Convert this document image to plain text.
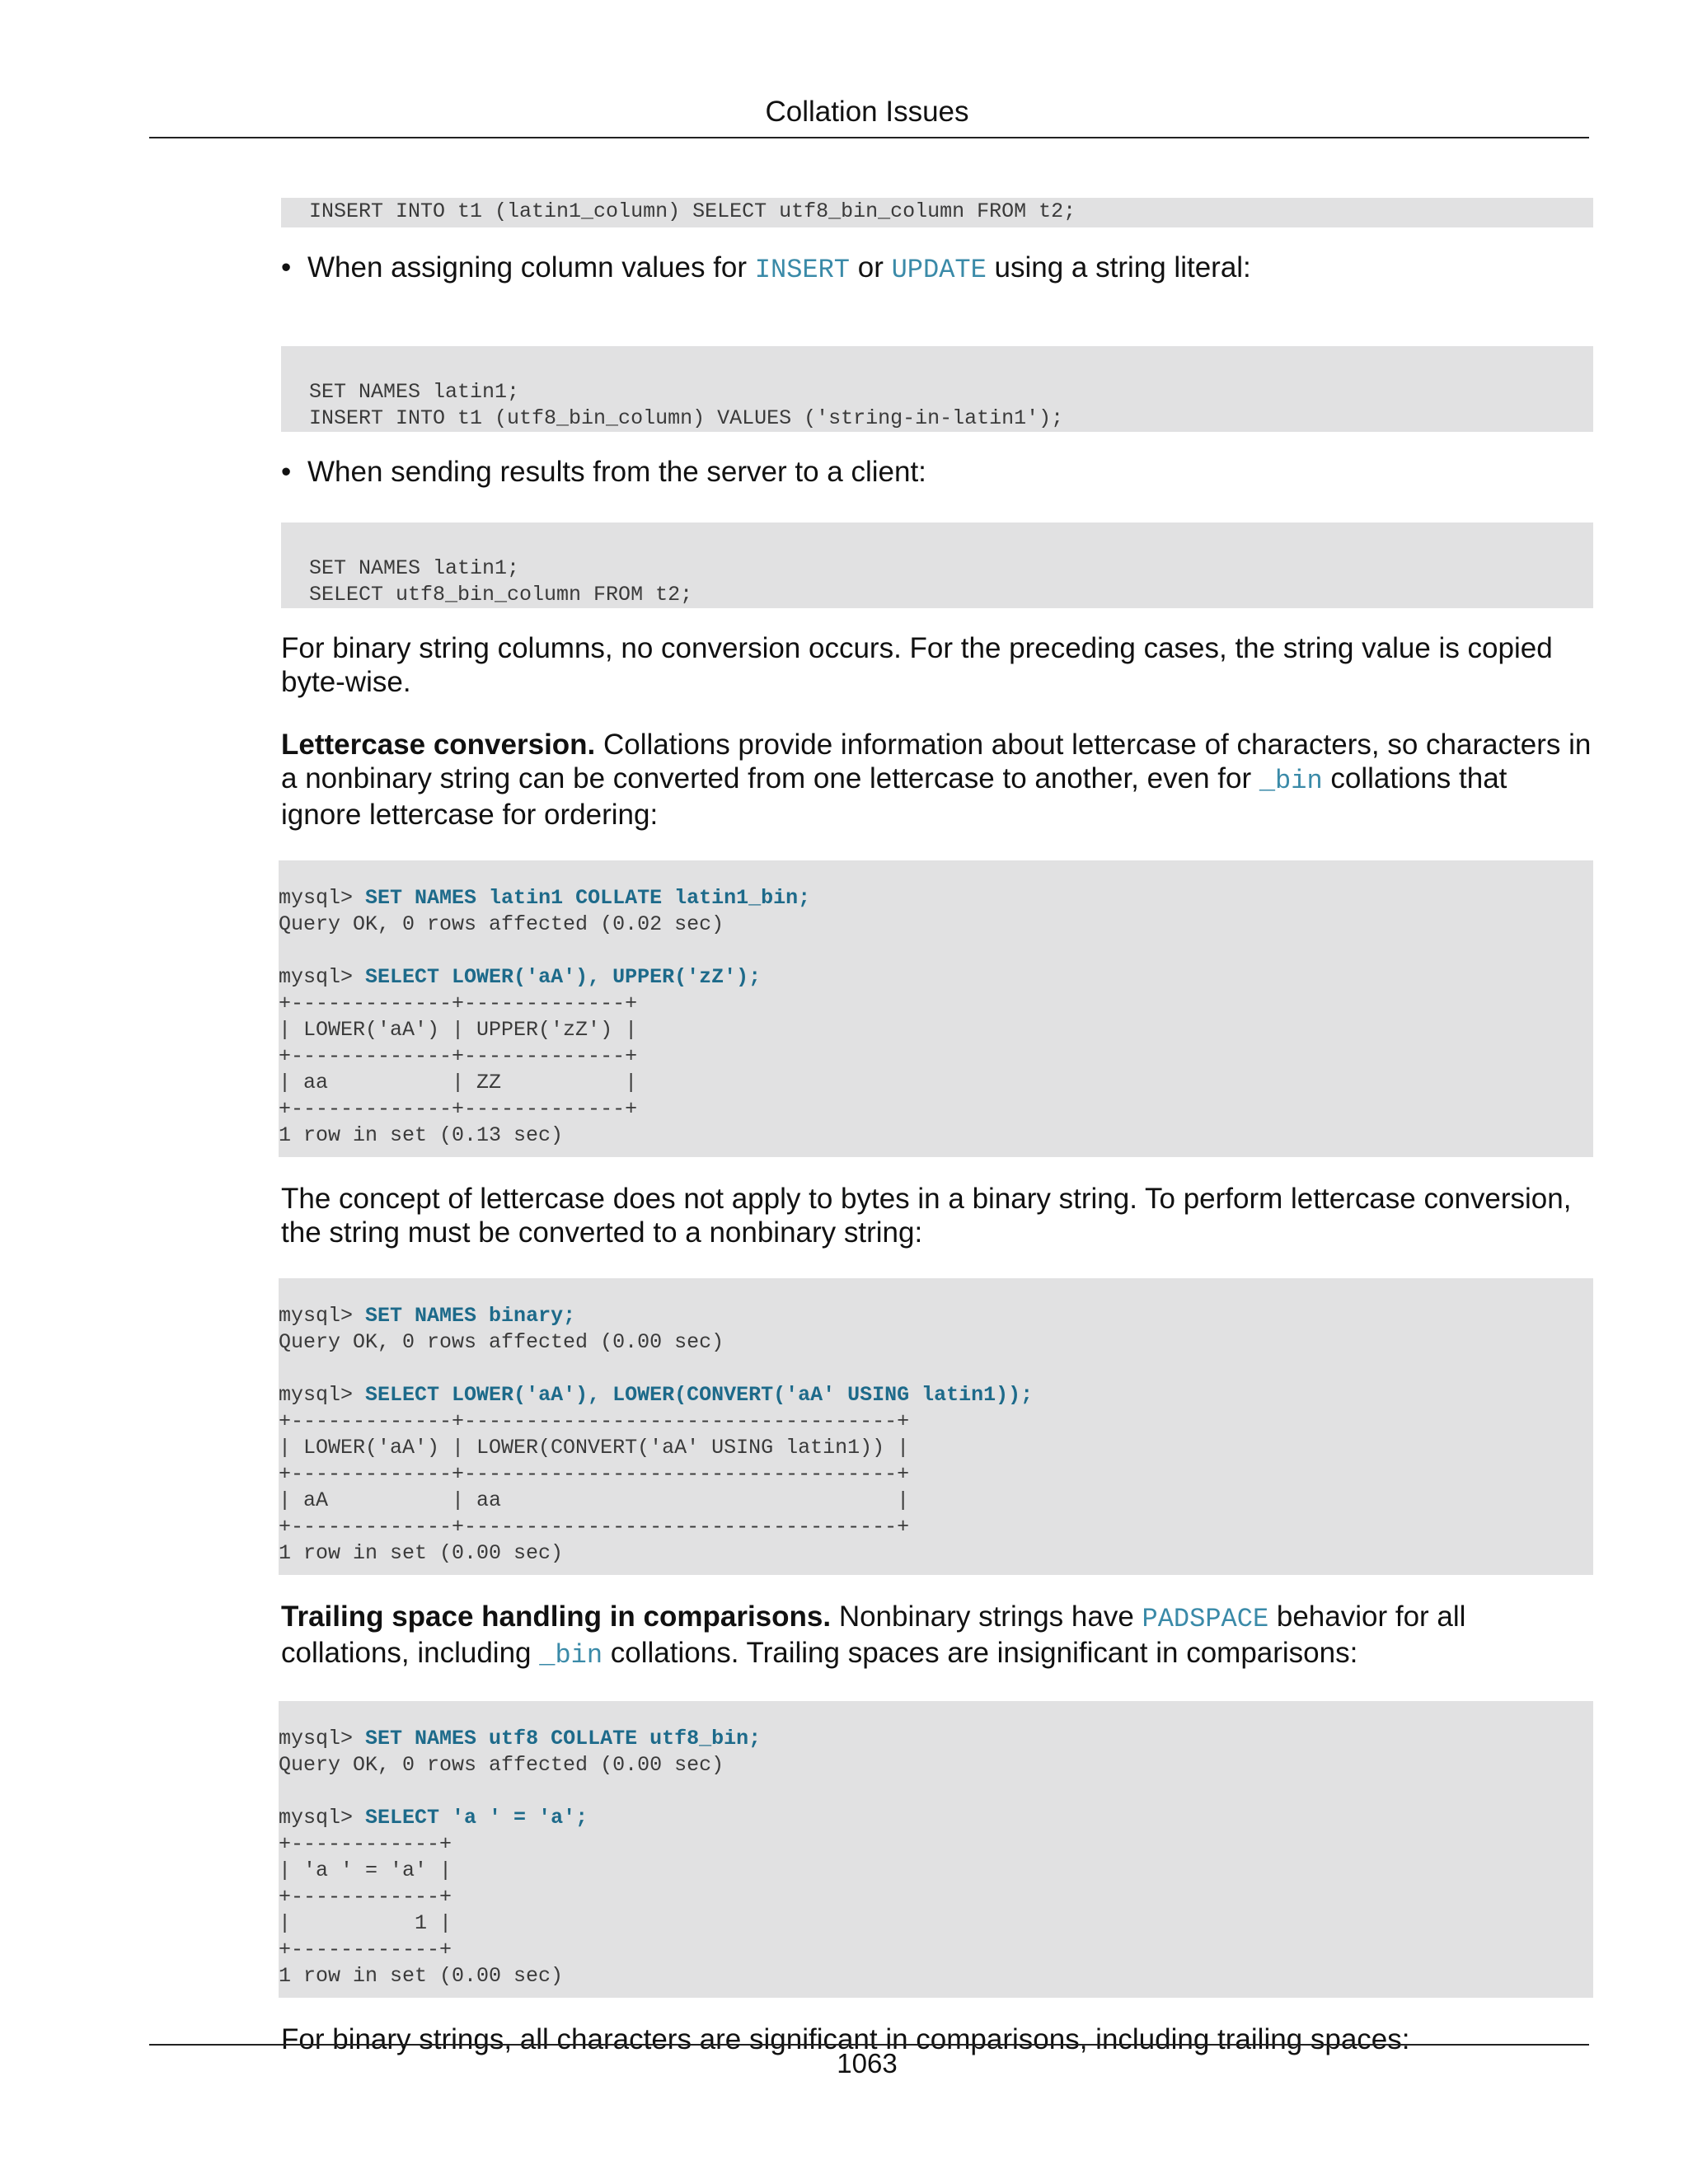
Collation Issues
INSERT INTO t1 (latin1_column) SELECT utf8_bin_column FROM t2;
• When assigning column values for INSERT or UPDATE using a string literal:
SET NAMES latin1;
INSERT INTO t1 (utf8_bin_column) VALUES ('string-in-latin1');
• When sending results from the server to a client:
SET NAMES latin1;
SELECT utf8_bin_column FROM t2;

For binary string columns, no conversion occurs. For the preceding cases, the string value is copied byte-wise.

Lettercase conversion. Collations provide information about lettercase of characters, so characters in a nonbinary string can be converted from one lettercase to another, even for _bin collations that ignore lettercase for ordering:

mysql> SET NAMES latin1 COLLATE latin1_bin;
Query OK, 0 rows affected (0.02 sec)

mysql> SELECT LOWER('aA'), UPPER('zZ');
+-------------+-------------+
| LOWER('aA') | UPPER('zZ') |
+-------------+-------------+
| aa          | ZZ          |
+-------------+-------------+
1 row in set (0.13 sec)

The concept of lettercase does not apply to bytes in a binary string. To perform lettercase conversion, the string must be converted to a nonbinary string:

mysql> SET NAMES binary;
Query OK, 0 rows affected (0.00 sec)

mysql> SELECT LOWER('aA'), LOWER(CONVERT('aA' USING latin1));
+-------------+-----------------------------------+
| LOWER('aA') | LOWER(CONVERT('aA' USING latin1)) |
+-------------+-----------------------------------+
| aA          | aa                                |
+-------------+-----------------------------------+
1 row in set (0.00 sec)

Trailing space handling in comparisons. Nonbinary strings have PADSPACE behavior for all collations, including _bin collations. Trailing spaces are insignificant in comparisons:

mysql> SET NAMES utf8 COLLATE utf8_bin;
Query OK, 0 rows affected (0.00 sec)

mysql> SELECT 'a ' = 'a';
+------------+
| 'a ' = 'a' |
+------------+
|          1 |
+------------+
1 row in set (0.00 sec)

For binary strings, all characters are significant in comparisons, including trailing spaces:

1063
